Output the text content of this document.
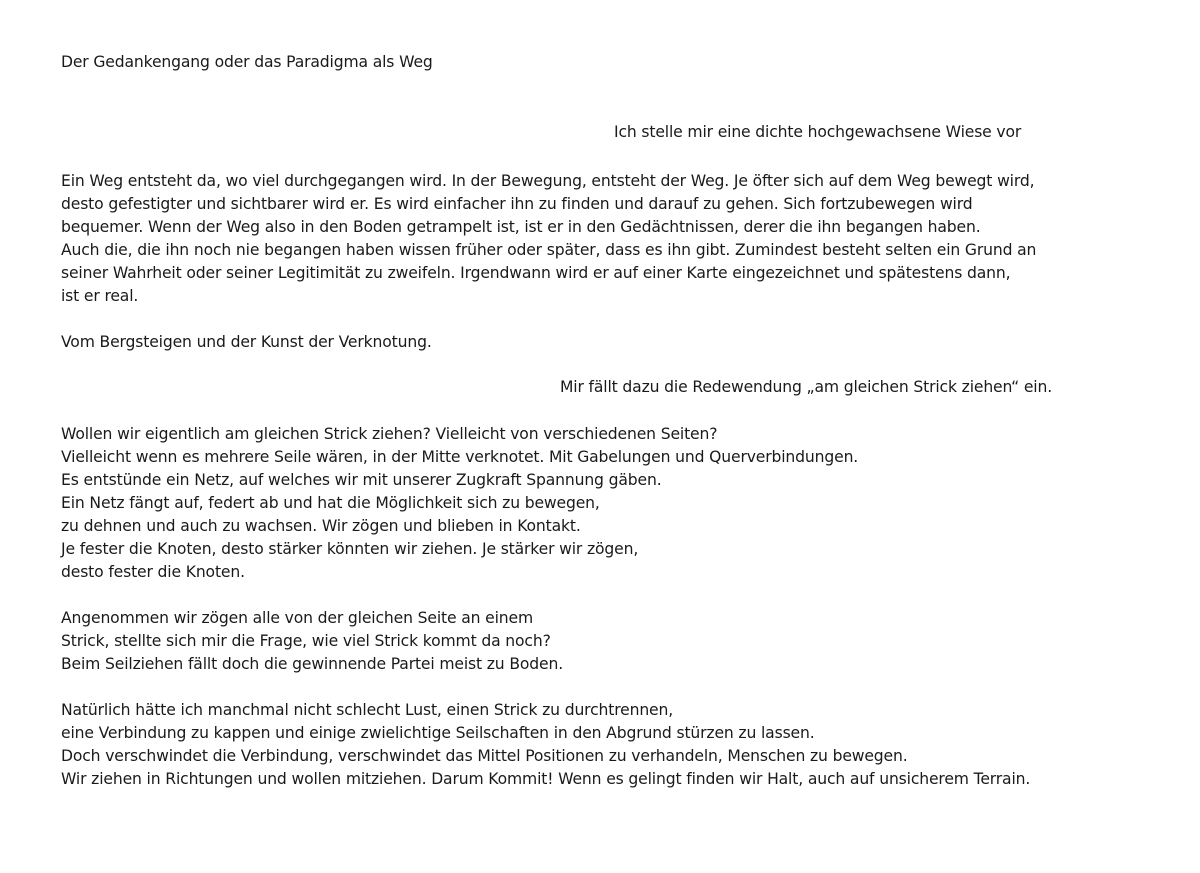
Der Gedankengang oder das Paradigma als Weg
Ich stelle mir eine dichte hochgewachsene Wiese vor
Ein Weg entsteht da, wo viel durchgegangen wird. In der Bewegung, entsteht der Weg. Je öfter sich auf dem Weg bewegt wird,
desto gefestigter und sichtbarer wird er. Es wird einfacher ihn zu finden und darauf zu gehen. Sich fortzubewegen wird
bequemer. Wenn der Weg also in den Boden getrampelt ist, ist er in den Gedächtnissen, derer die ihn begangen haben.
Auch die, die ihn noch nie begangen haben wissen früher oder später, dass es ihn gibt. Zumindest besteht selten ein Grund an
seiner Wahrheit oder seiner Legitimität zu zweifeln. Irgendwann wird er auf einer Karte eingezeichnet und spätestens dann,
ist er real.
Vom Bergsteigen und der Kunst der Verknotung.
Mir fällt dazu die Redewendung „am gleichen Strick ziehen“ ein.
Wollen wir eigentlich am gleichen Strick ziehen? Vielleicht von verschiedenen Seiten?
Vielleicht wenn es mehrere Seile wären, in der Mitte verknotet. Mit Gabelungen und Querverbindungen.
Es entstünde ein Netz, auf welches wir mit unserer Zugkraft Spannung gäben.
Ein Netz fängt auf, federt ab und hat die Möglichkeit sich zu bewegen,
zu dehnen und auch zu wachsen. Wir zögen und blieben in Kontakt.
Je fester die Knoten, desto stärker könnten wir ziehen. Je stärker wir zögen,
desto fester die Knoten.
Angenommen wir zögen alle von der gleichen Seite an einem
Strick, stellte sich mir die Frage, wie viel Strick kommt da noch?
Beim Seilziehen fällt doch die gewinnende Partei meist zu Boden.
Natürlich hätte ich manchmal nicht schlecht Lust, einen Strick zu durchtrennen,
eine Verbindung zu kappen und einige zwielichtige Seilschaften in den Abgrund stürzen zu lassen.
Doch verschwindet die Verbindung, verschwindet das Mittel Positionen zu verhandeln, Menschen zu bewegen.
Wir ziehen in Richtungen und wollen mitziehen. Darum Kommit! Wenn es gelingt finden wir Halt, auch auf unsicherem Terrain.
